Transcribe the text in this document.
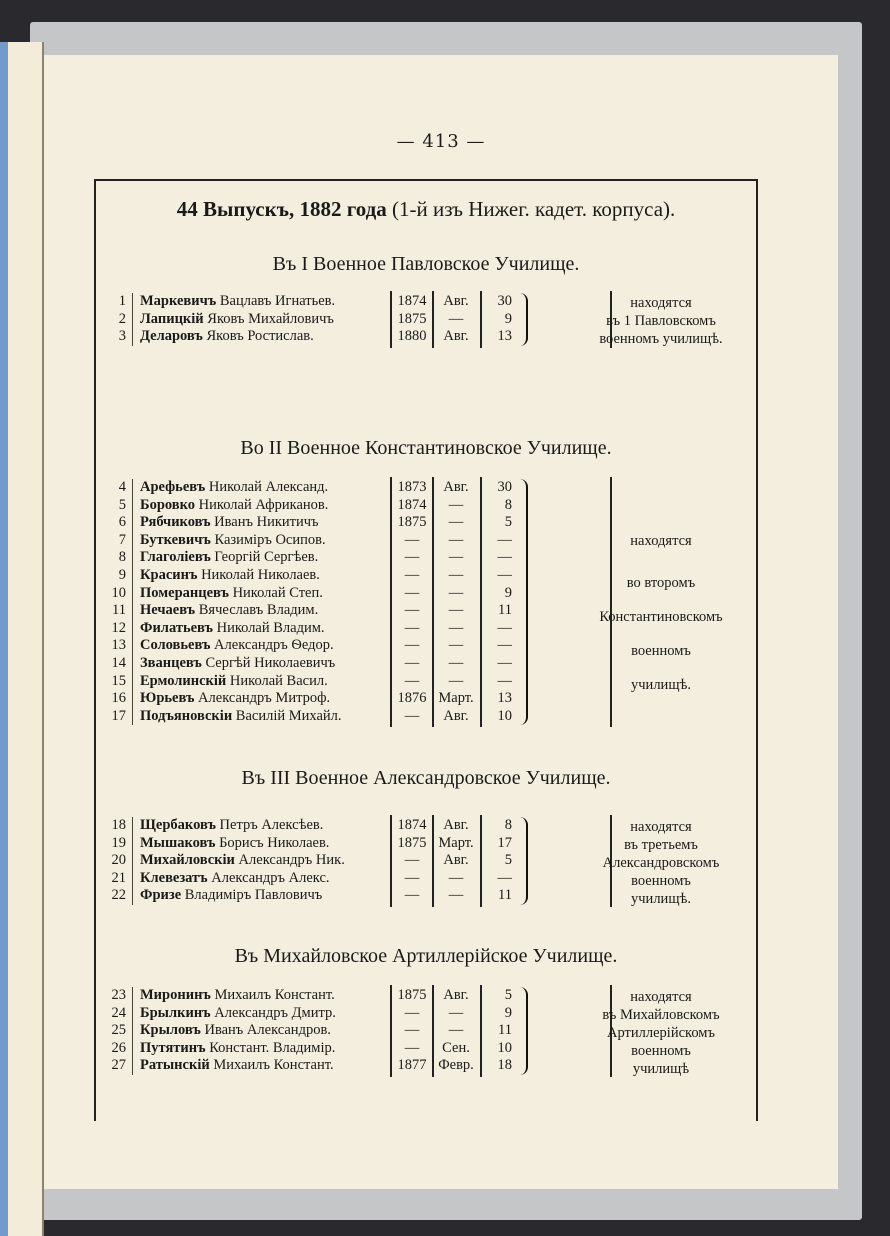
— 413 —
44 Выпускъ, 1882 года (1-й изъ Нижег. кадет. корпуса).
Въ I Военное Павловское Училище.
1 Маркевичъ Вацлавъ Игнатьев.	1874	Авг.	30
2 Лапицкій Яковъ Михайловичъ	1875	—	9
3 Деларовъ Яковъ Ростислав.	1880	Авг.	13
находятся
въ 1 Павловскомъ
военномъ училищѣ.
Во II Военное Константиновское Училище.
4 Арефьевъ Николай Александ.	1873	Авг.	30
5 Боровко Николай Африканов.	1874	—	8
6 Рябчиковъ Иванъ Никитичъ	1875	—	5
7 Буткевичъ Казиміръ Осипов.	—	—	—
8 Глаголіевъ Георгій Сергѣев.	—	—	—
9 Красинъ Николай Николаев.	—	—	—
10 Померанцевъ Николай Степ.	—	—	9
11 Нечаевъ Вячеславъ Владим.	—	—	11
12 Филатьевъ Николай Владим.	—	—	—
13 Соловьевъ Александръ Ѳедор.	—	—	—
14 Званцевъ Сергѣй Николаевичъ	—	—	—
15 Ермолинскій Николай Васил.	—	—	—
16 Юрьевъ Александръ Митроф.	1876 Март.	13
17 Подъяновскіи Василій Михайл.	—	Авг.	10
находятся
во второмъ
Константиновскомъ
военномъ
училищѣ.
Въ III Военное Александровское Училище.
18 Щербаковъ Петръ Алексѣев.	1874	Авг.	8
19 Мышаковъ Борисъ Николаев.	1875 Март.	17
20 Михайловскіи Александръ Ник.	—	Авг.	5
21 Клевезатъ Александръ Алекс.	—	—	—
22 Фризе Владиміръ Павловичъ	—	—	11
находятся
въ третьемъ
Александровскомъ
военномъ
училищѣ.
Въ Михайловское Артиллерійское Училище.
23 Миронинъ Михаилъ Констант.	1875	Авг.	5
24 Брылкинъ Александръ Дмитр.	—	—	9
25 Крыловъ Иванъ Александров.	—	—	11
26 Путятинъ Констант. Владимір.	—	Сен.	10
27 Ратынскій Михаилъ Констант.	1877 Февр.	18
находятся
въ Михайловскомъ
Артиллерійскомъ
военномъ
училищѣ
